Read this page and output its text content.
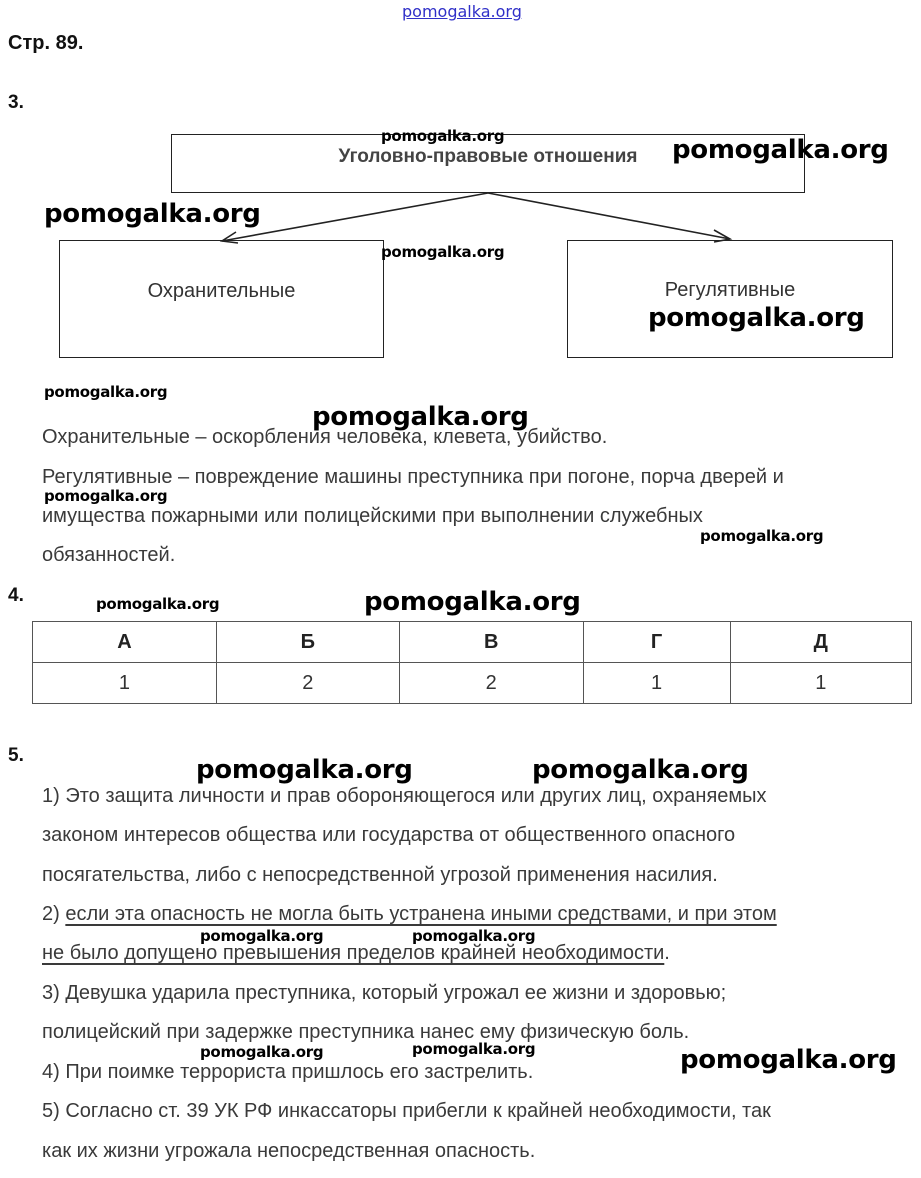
pomogalka.org
Стр. 89.
3.
Уголовно-правовые отношения
Охранительные	Регулятивные
Охранительные – оскорбления человека, клевета, убийство.
Регулятивные – повреждение машины преступника при погоне, порча дверей и
имущества пожарными или полицейскими при выполнении служебных
обязанностей.
4.
А	Б	В	Г	Д
1	2	2	1	1
5.
1) Это защита личности и прав обороняющегося или других лиц, охраняемых
законом интересов общества или государства от общественного опасного
посягательства, либо с непосредственной угрозой применения насилия.
2) если эта опасность не могла быть устранена иными средствами, и при этом
не было допущено превышения пределов крайней необходимости.
3) Девушка ударила преступника, который угрожал ее жизни и здоровью;
полицейский при задержке преступника нанес ему физическую боль.
4) При поимке террориста пришлось его застрелить.
5) Согласно ст. 39 УК РФ инкассаторы прибегли к крайней необходимости, так
как их жизни угрожала непосредственная опасность.
pomogalka.org	pomogalka.org
pomogalka.org
pomogalka.org
pomogalka.org
pomogalka.org
pomogalka.org
pomogalka.org
pomogalka.org
pomogalka.org	pomogalka.org
pomogalka.org	pomogalka.org
pomogalka.org	pomogalka.org
pomogalka.org	pomogalka.org	pomogalka.org
